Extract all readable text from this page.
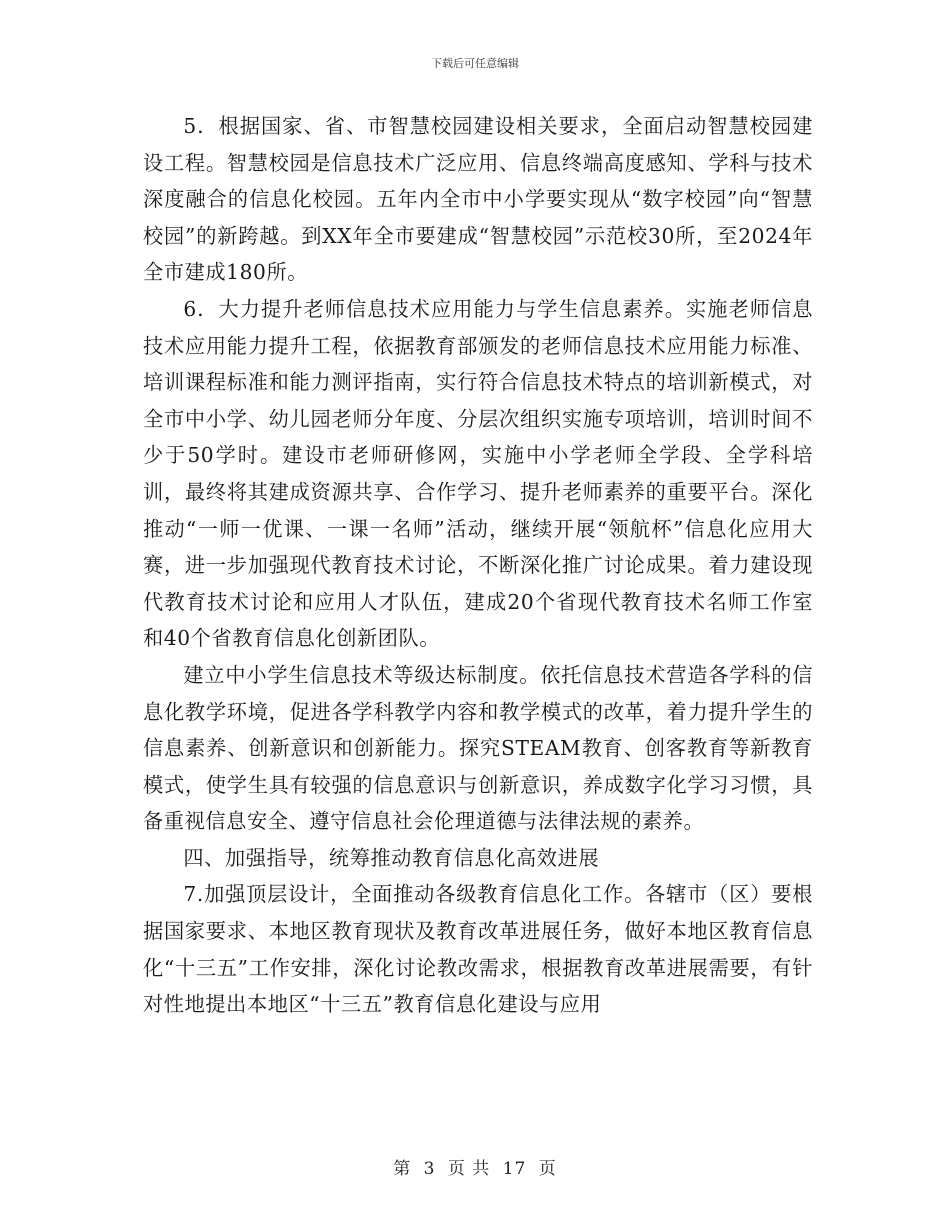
下载后可任意编辑

5．根据国家、省、市智慧校园建设相关要求，全面启动智慧校园建设工程。智慧校园是信息技术广泛应用、信息终端高度感知、学科与技术深度融合的信息化校园。五年内全市中小学要实现从“数字校园”向“智慧校园”的新跨越。到XX年全市要建成“智慧校园”示范校30所，至2024年全市建成180所。

6．大力提升老师信息技术应用能力与学生信息素养。实施老师信息技术应用能力提升工程，依据教育部颁发的老师信息技术应用能力标准、培训课程标准和能力测评指南，实行符合信息技术特点的培训新模式，对全市中小学、幼儿园老师分年度、分层次组织实施专项培训，培训时间不少于50学时。建设市老师研修网，实施中小学老师全学段、全学科培训，最终将其建成资源共享、合作学习、提升老师素养的重要平台。深化推动“一师一优课、一课一名师”活动，继续开展“领航杯”信息化应用大赛，进一步加强现代教育技术讨论，不断深化推广讨论成果。着力建设现代教育技术讨论和应用人才队伍，建成20个省现代教育技术名师工作室和40个省教育信息化创新团队。

建立中小学生信息技术等级达标制度。依托信息技术营造各学科的信息化教学环境，促进各学科教学内容和教学模式的改革，着力提升学生的信息素养、创新意识和创新能力。探究STEAM教育、创客教育等新教育模式，使学生具有较强的信息意识与创新意识，养成数字化学习习惯，具备重视信息安全、遵守信息社会伦理道德与法律法规的素养。

四、加强指导，统筹推动教育信息化高效进展

7.加强顶层设计，全面推动各级教育信息化工作。各辖市（区）要根据国家要求、本地区教育现状及教育改革进展任务，做好本地区教育信息化“十三五”工作安排，深化讨论教改需求，根据教育改革进展需要，有针对性地提出本地区“十三五”教育信息化建设与应用

第 3 页 共 17 页
